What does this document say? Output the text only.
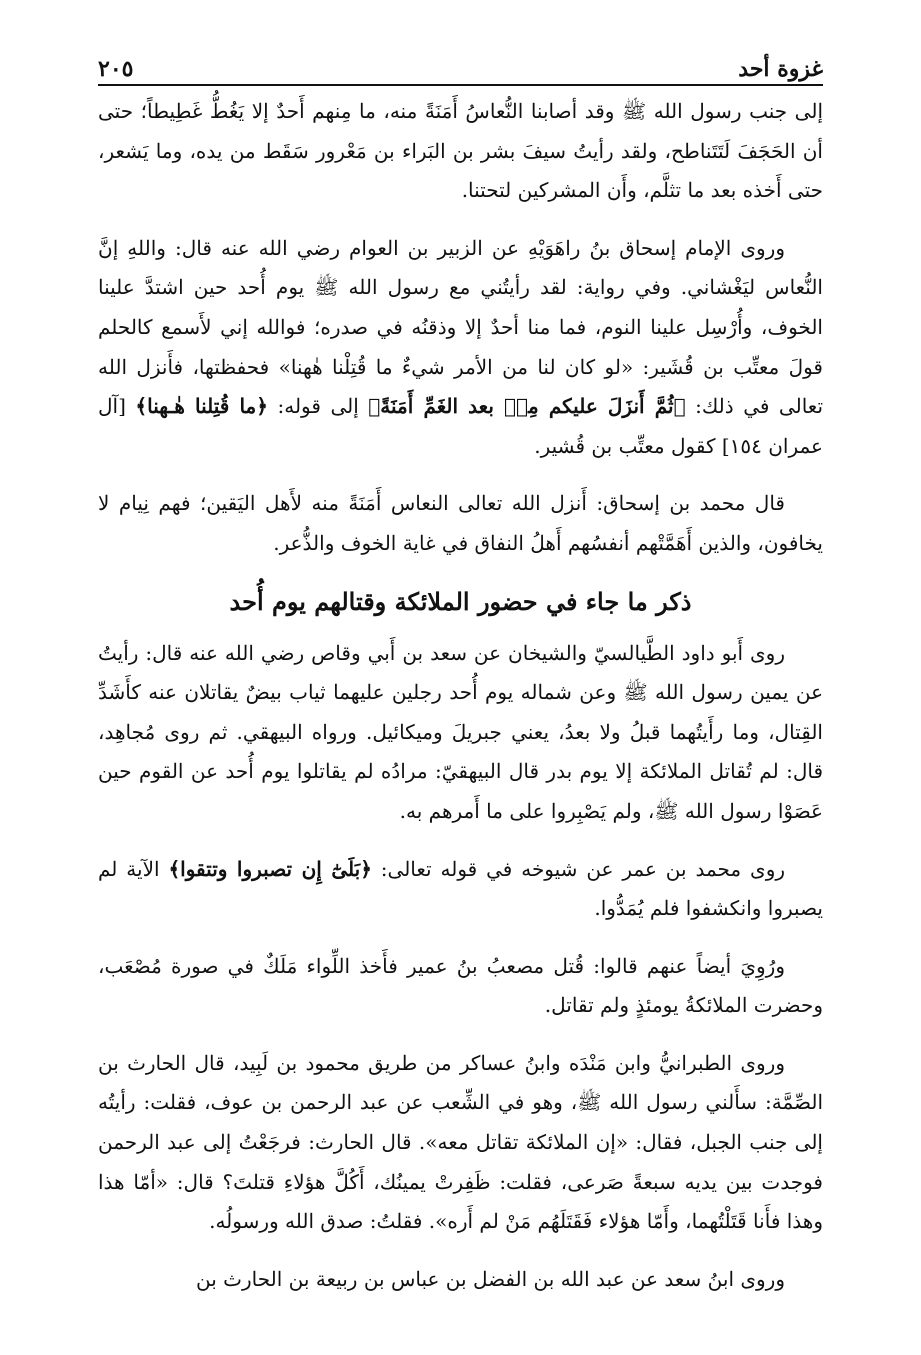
غزوة أحد
٢٠٥

إلى جنب رسول الله ﷺ وقد أصابنا النُّعاسُ أَمَنَةً منه، ما مِنهم أَحدٌ إلا يَغُطُّ غَطِيطاً؛ حتى أن الحَجَفَ لَتَتَناطح، ولقد رأيتُ سيفَ بشر بن البَراء بن مَعْرور سَقَط من يده، وما يَشعر، حتى أَخذه بعد ما تثلَّم، وأَن المشركين لتحتنا.

وروى الإمام إسحاق بنُ راهَوَيْهِ عن الزبير بن العوام رضي الله عنه قال: واللهِ إنَّ النُّعاس ليَغْشاني. وفي رواية: لقد رأيتُني مع رسول الله ﷺ يوم أُحد حين اشتدَّ علينا الخوف، وأُرْسِل علينا النوم، فما منا أحدٌ إلا وذقنُه في صدره؛ فوالله إني لأَسمع كالحلم قولَ معتِّب بن قُشَير: «لو كان لنا من الأمر شيءٌ ما قُتِلْنا هٰهنا» فحفظتها، فأَنزل الله تعالى في ذلك: ﴿ثُمَّ أَنزَلَ عليكم مِنۢ بعد الغَمِّ أَمَنَةً﴾ إلى قوله: ﴿ما قُتِلنا هٰـهنا﴾ [آل عمران ١٥٤] كقول معتِّب بن قُشير.

قال محمد بن إسحاق: أَنزل الله تعالى النعاس أَمَنَةً منه لأَهل اليَقين؛ فهم نِيام لا يخافون، والذين أَهَمَّتْهم أنفسُهم أَهلُ النفاق في غاية الخوف والذُّعر.

ذكر ما جاء في حضور الملائكة وقتالهم يوم أُحد

روى أَبو داود الطَّيالسيّ والشيخان عن سعد بن أَبي وقاص رضي الله عنه قال: رأيتُ عن يمين رسول الله ﷺ وعن شماله يوم أُحد رجلين عليهما ثياب بيضٌ يقاتلان عنه كأَشَدِّ القِتال، وما رأَيتُهما قبلُ ولا بعدُ، يعني جبريلَ وميكائيل. ورواه البيهقي. ثم روى مُجاهِد، قال: لم تُقاتل الملائكة إلا يوم بدر قال البيهقيّ: مرادُه لم يقاتلوا يوم أُحد عن القوم حين عَصَوْا رسول الله ﷺ، ولم يَصْبِروا على ما أَمرهم به.

روى محمد بن عمر عن شيوخه في قوله تعالى: ﴿بَلَىٰٓ إِن تصبروا وتتقوا﴾ الآية لم يصبروا وانكشفوا فلم يُمَدُّوا.

ورُوِيَ أيضاً عنهم قالوا: قُتل مصعبُ بنُ عمير فأَخذ اللِّواء مَلَكٌ في صورة مُصْعَب، وحضرت الملائكةُ يومئذٍ ولم تقاتل.

وروى الطبرانيُّ وابن مَنْدَه وابنُ عساكر من طريق محمود بن لَبِيد، قال الحارث بن الصِّمَّة: سأَلني رسول الله ﷺ، وهو في الشِّعب عن عبد الرحمن بن عوف، فقلت: رأيتُه إلى جنب الجبل، فقال: «إن الملائكة تقاتل معه». قال الحارث: فرجَعْتُ إلى عبد الرحمن فوجدت بين يديه سبعةً صَرعى، فقلت: ظَفِرتْ يمينُك، أَكُلَّ هؤلاءِ قتلتَ؟ قال: «أمّا هذا وهذا فأَنا قَتَلْتُهما، وأَمّا هؤلاء فَقَتَلَهُم مَنْ لم أَره». فقلتُ: صدق الله ورسولُه.

وروى ابنُ سعد عن عبد الله بن الفضل بن عباس بن ربيعة بن الحارث بن
